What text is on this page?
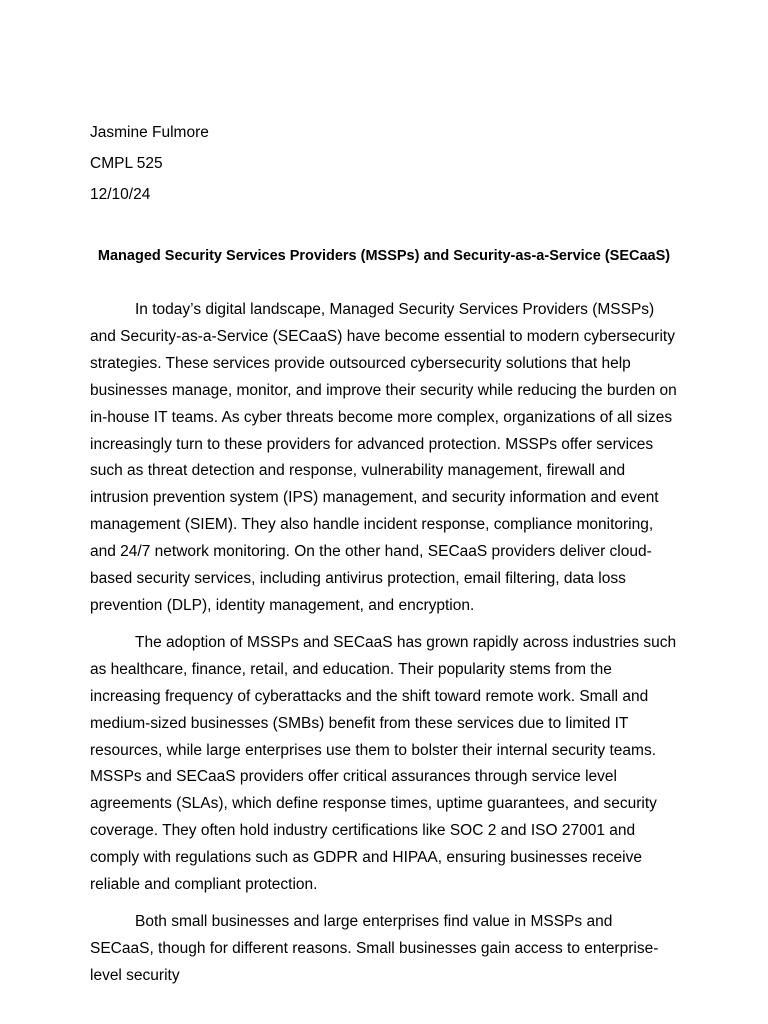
Jasmine Fulmore
CMPL 525
12/10/24
Managed Security Services Providers (MSSPs) and Security-as-a-Service (SECaaS)

In today’s digital landscape, Managed Security Services Providers (MSSPs) and Security-as-a-Service (SECaaS) have become essential to modern cybersecurity strategies. These services provide outsourced cybersecurity solutions that help businesses manage, monitor, and improve their security while reducing the burden on in-house IT teams. As cyber threats become more complex, organizations of all sizes increasingly turn to these providers for advanced protection. MSSPs offer services such as threat detection and response, vulnerability management, firewall and intrusion prevention system (IPS) management, and security information and event management (SIEM). They also handle incident response, compliance monitoring, and 24/7 network monitoring. On the other hand, SECaaS providers deliver cloud-based security services, including antivirus protection, email filtering, data loss prevention (DLP), identity management, and encryption.

The adoption of MSSPs and SECaaS has grown rapidly across industries such as healthcare, finance, retail, and education. Their popularity stems from the increasing frequency of cyberattacks and the shift toward remote work. Small and medium-sized businesses (SMBs) benefit from these services due to limited IT resources, while large enterprises use them to bolster their internal security teams. MSSPs and SECaaS providers offer critical assurances through service level agreements (SLAs), which define response times, uptime guarantees, and security coverage. They often hold industry certifications like SOC 2 and ISO 27001 and comply with regulations such as GDPR and HIPAA, ensuring businesses receive reliable and compliant protection.

Both small businesses and large enterprises find value in MSSPs and SECaaS, though for different reasons. Small businesses gain access to enterprise-level security
